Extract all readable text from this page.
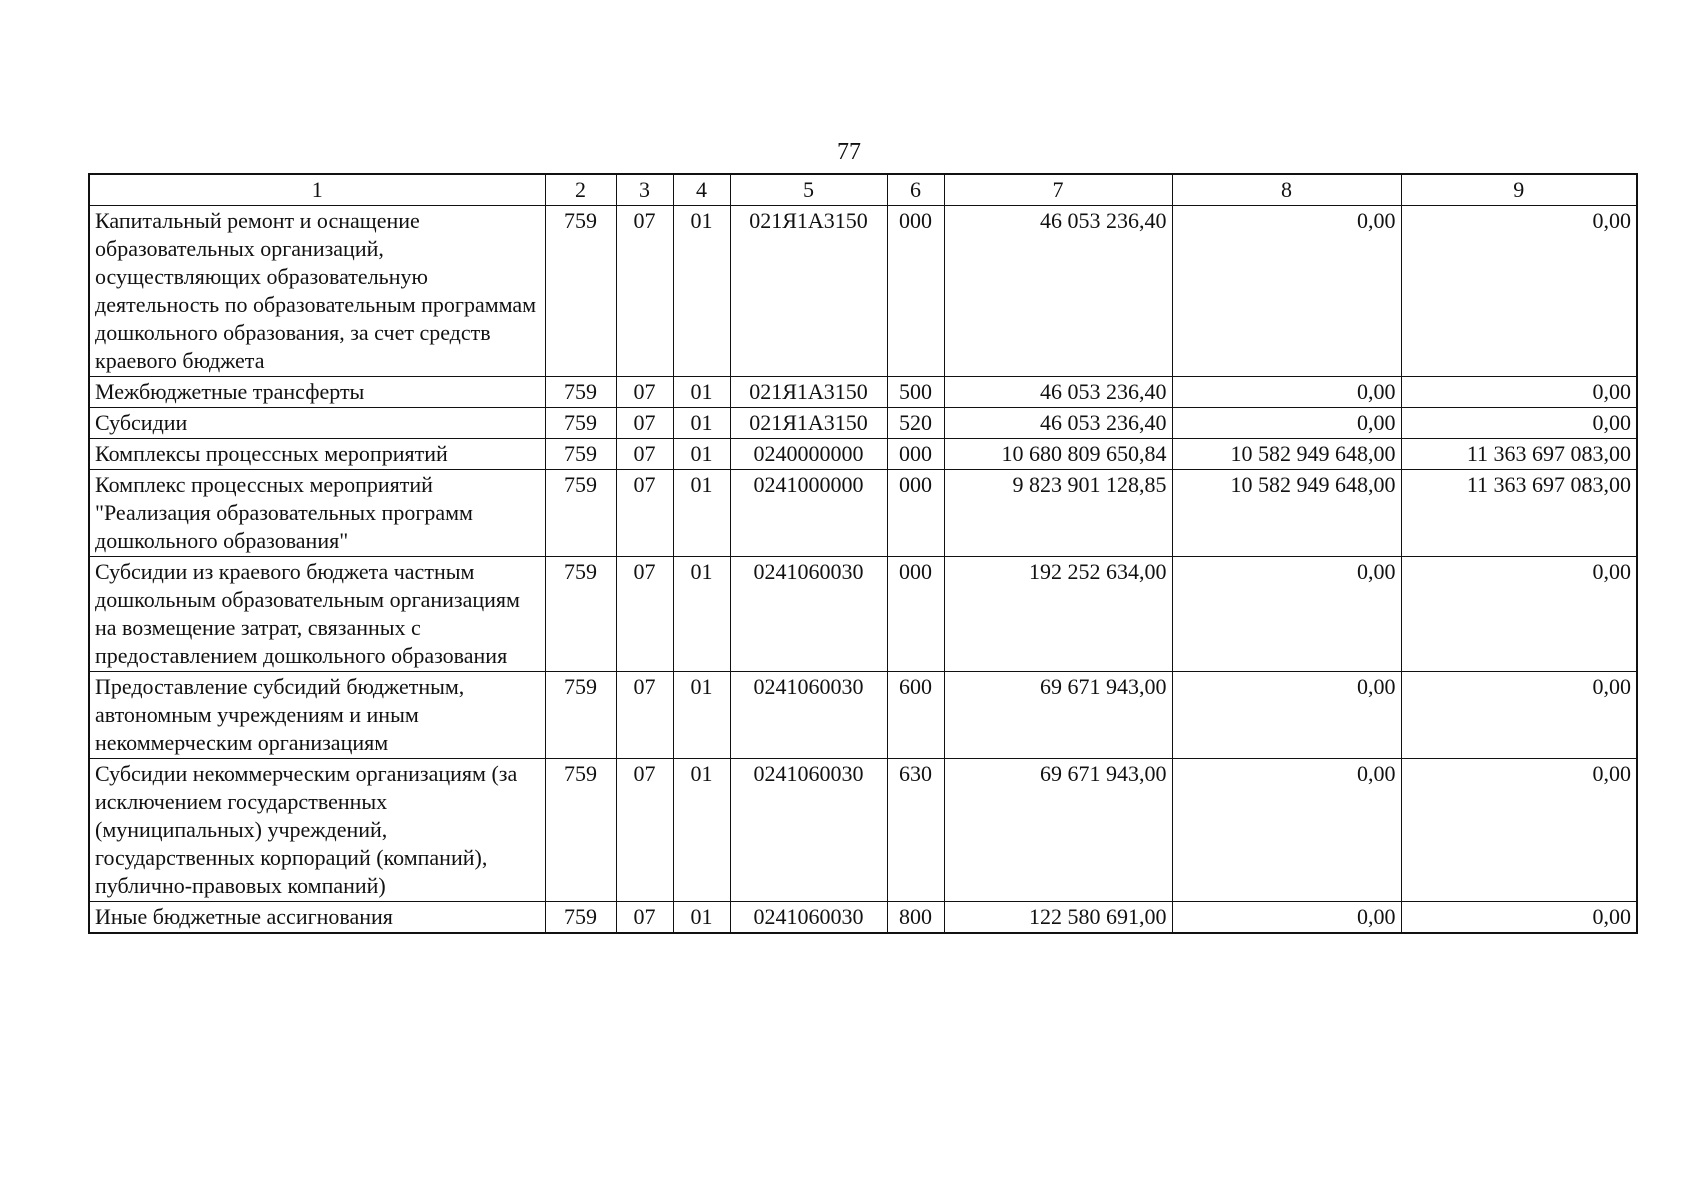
77
1	2	3	4	5	6	7	8	9
Капитальный ремонт и оснащение образовательных организаций, осуществляющих образовательную деятельность по образовательным программам дошкольного образования, за счет средств краевого бюджета	759	07	01	021Я1А3150	000	46 053 236,40	0,00	0,00
Межбюджетные трансферты	759	07	01	021Я1А3150	500	46 053 236,40	0,00	0,00
Субсидии	759	07	01	021Я1А3150	520	46 053 236,40	0,00	0,00
Комплексы процессных мероприятий	759	07	01	0240000000	000	10 680 809 650,84	10 582 949 648,00	11 363 697 083,00
Комплекс процессных мероприятий "Реализация образовательных программ дошкольного образования"	759	07	01	0241000000	000	9 823 901 128,85	10 582 949 648,00	11 363 697 083,00
Субсидии из краевого бюджета частным дошкольным образовательным организациям на возмещение затрат, связанных с предоставлением дошкольного образования	759	07	01	0241060030	000	192 252 634,00	0,00	0,00
Предоставление субсидий бюджетным, автономным учреждениям и иным некоммерческим организациям	759	07	01	0241060030	600	69 671 943,00	0,00	0,00
Субсидии некоммерческим организациям (за исключением государственных (муниципальных) учреждений, государственных корпораций (компаний), публично-правовых компаний)	759	07	01	0241060030	630	69 671 943,00	0,00	0,00
Иные бюджетные ассигнования	759	07	01	0241060030	800	122 580 691,00	0,00	0,00
